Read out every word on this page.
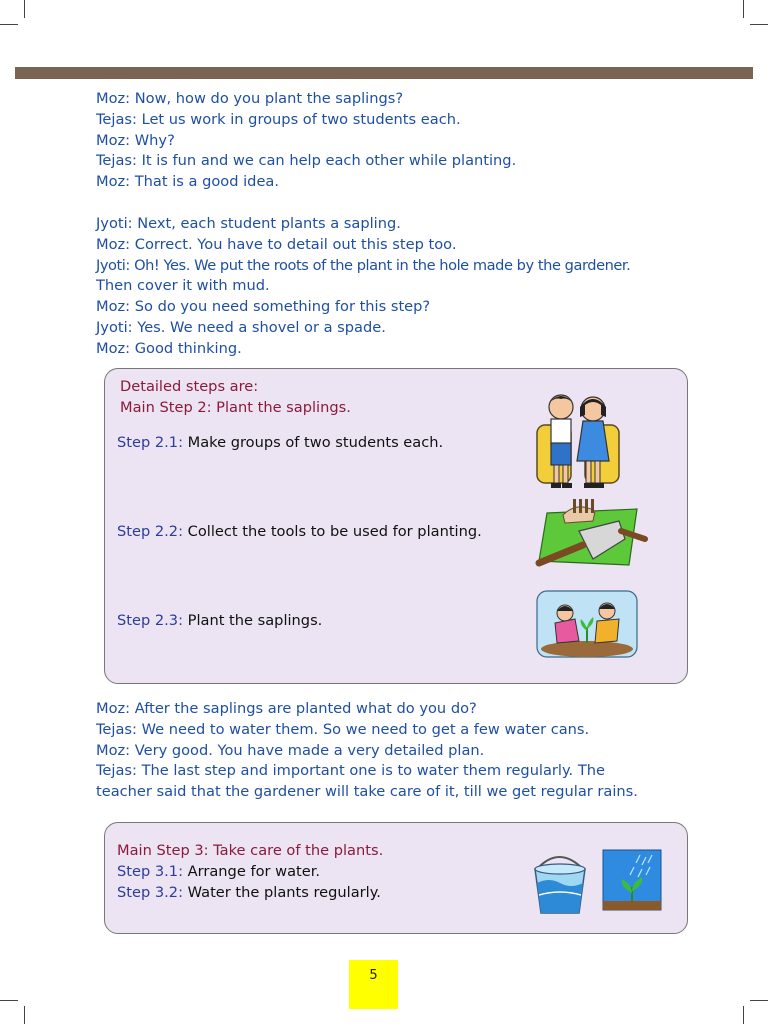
Moz: Now, how do you plant the saplings?

Tejas: Let us work in groups of two students each.

Moz: Why?

Tejas: It is fun and we can help each other while planting.

Moz: That is a good idea.

Jyoti: Next, each student plants a sapling.

Moz: Correct. You have to detail out this step too.

Jyoti: Oh! Yes. We put the roots of the plant in the hole made by the gardener.

Then cover it with mud.

Moz: So do you need something for this step?

Jyoti: Yes. We need a shovel or a spade.

Moz: Good thinking.

Detailed steps are:
Main Step 2: Plant the saplings.
Step 2.1: Make groups of two students each.
Step 2.2: Collect the tools to be used for planting.
Step 2.3: Plant the saplings.

Moz: After the saplings are planted what do you do?

Tejas: We need to water them. So we need to get a few water cans.

Moz: Very good. You have made a very detailed plan.

Tejas: The last step and important one is to water them regularly. The

teacher said that the gardener will take care of it, till we get regular rains.

Main Step 3: Take care of the plants.
Step 3.1: Arrange for water.
Step 3.2: Water the plants regularly.
5
